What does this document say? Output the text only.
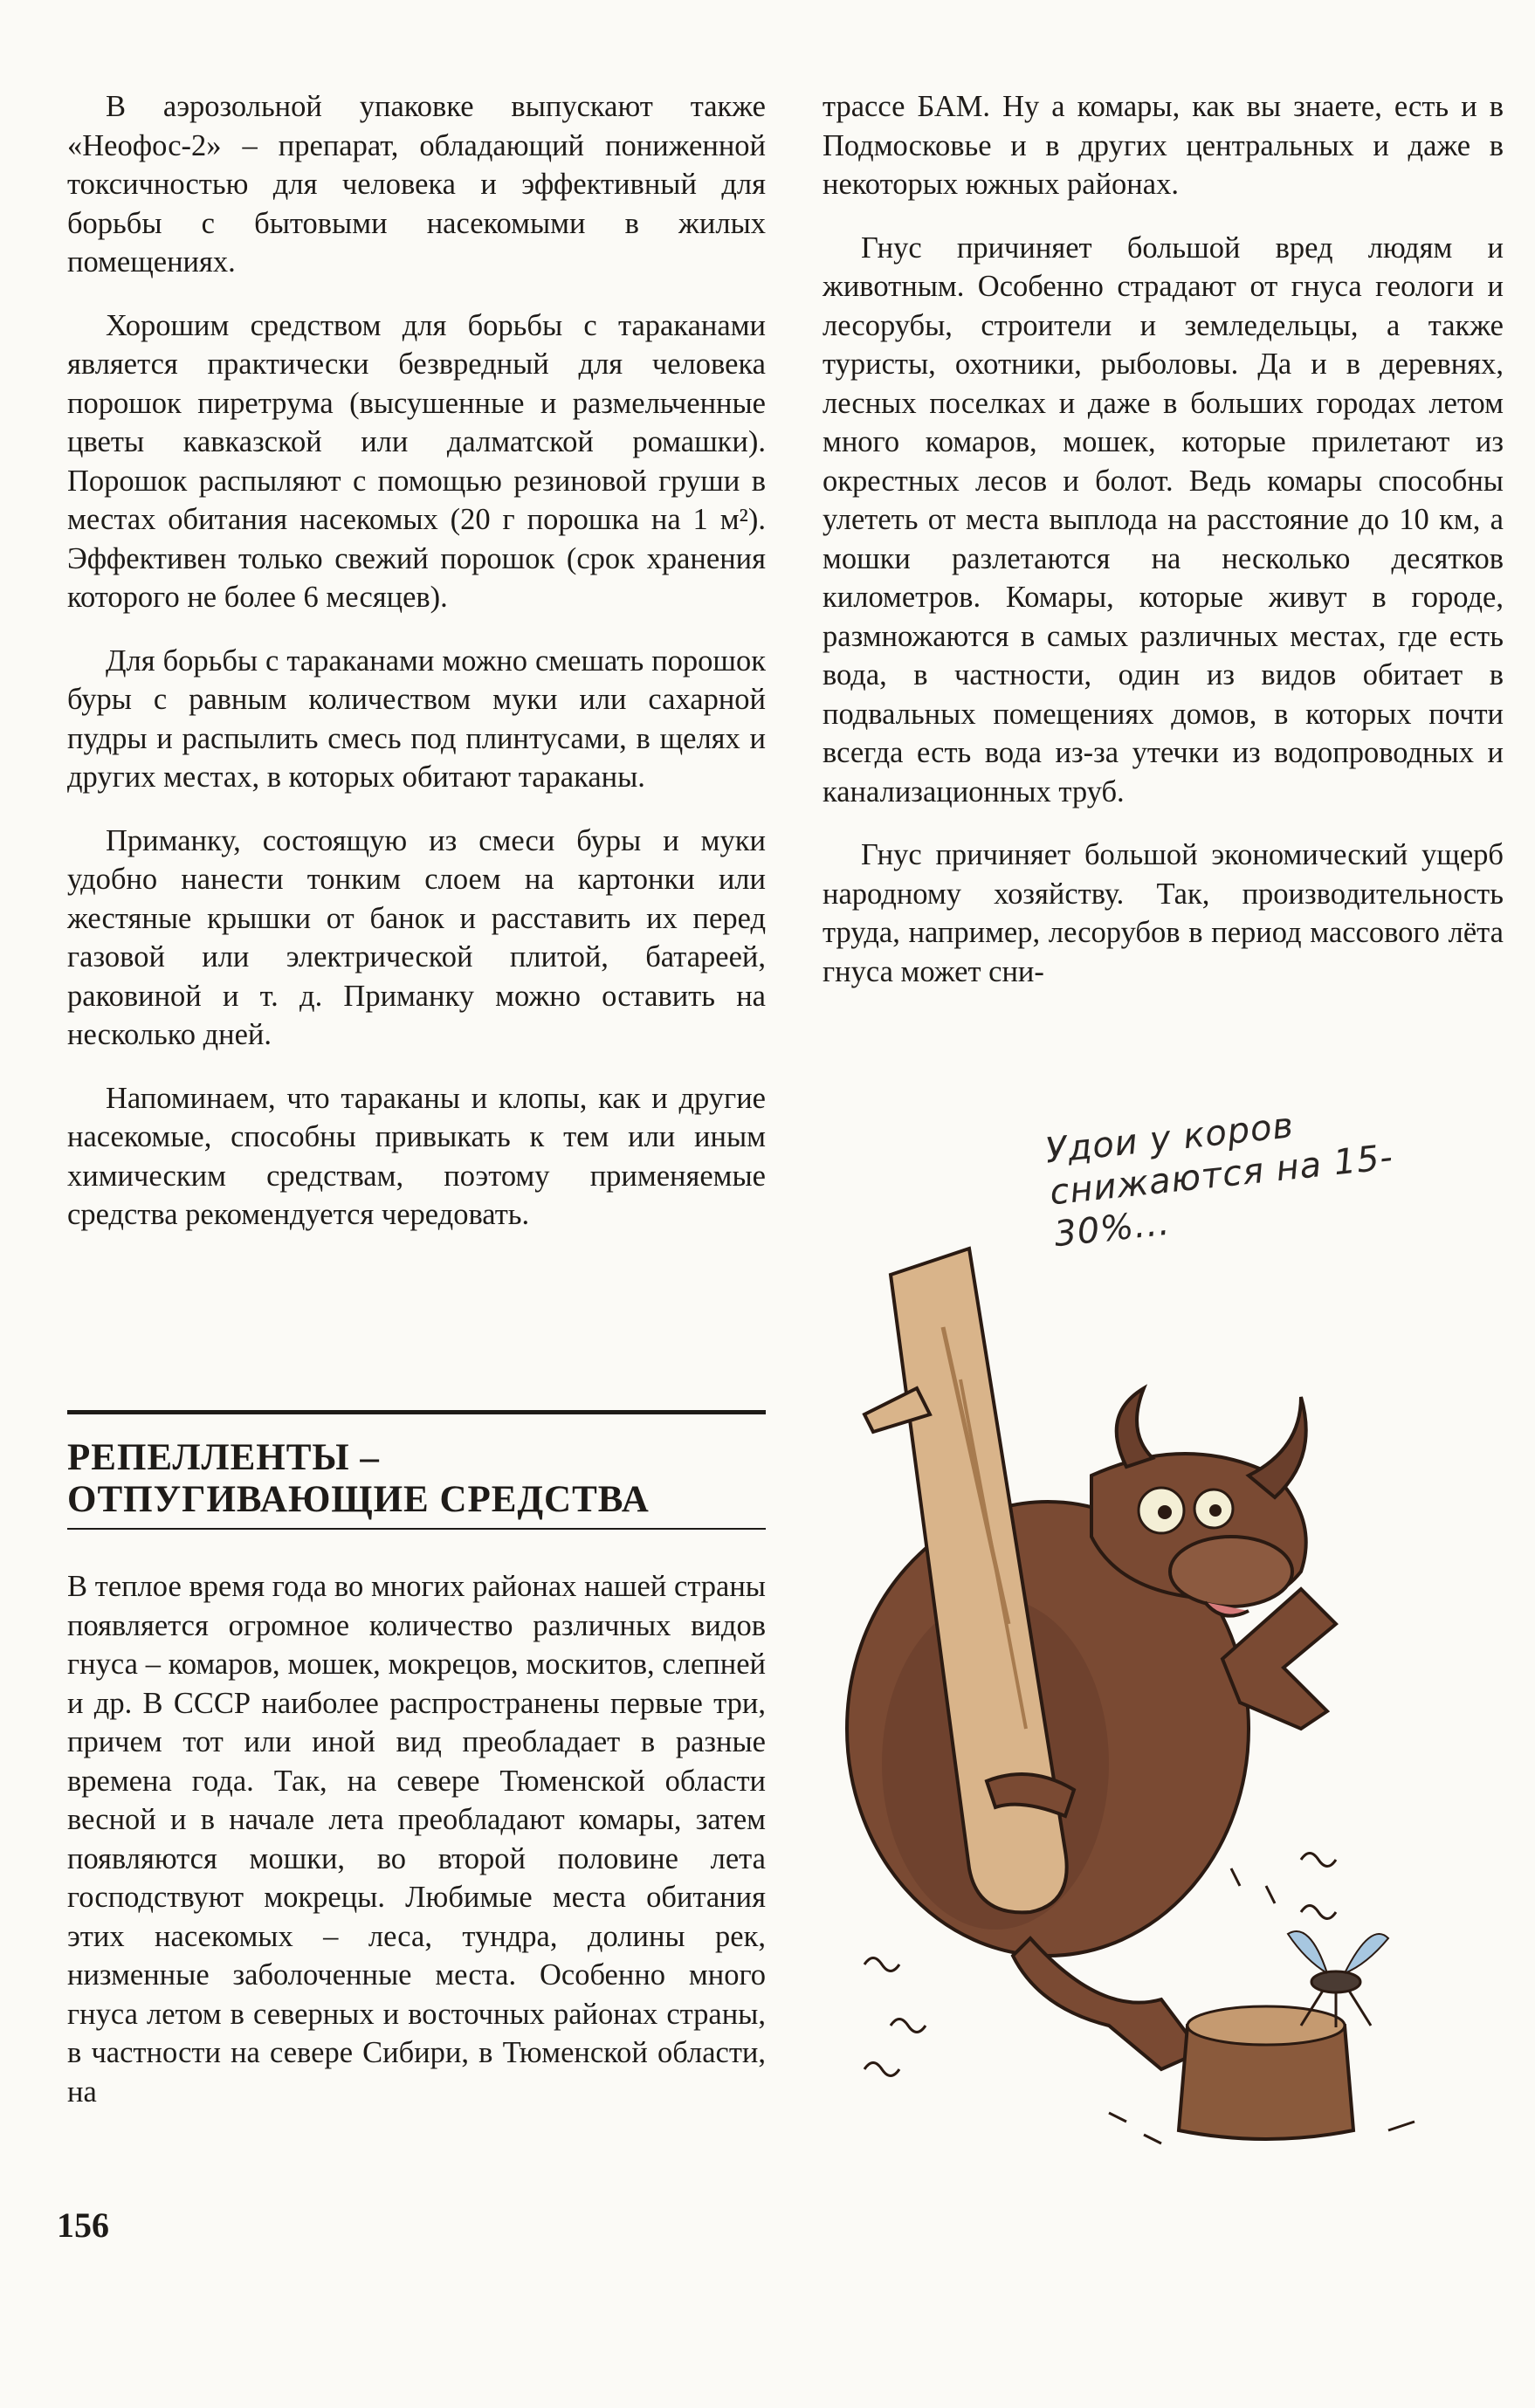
В аэрозольной упаковке выпускают также «Неофос-2» – препарат, обладающий пониженной токсичностью для человека и эффективный для борьбы с бытовыми насекомыми в жилых помещениях.

Хорошим средством для борьбы с тараканами является практически безвредный для человека порошок пиретрума (высушенные и размельченные цветы кавказской или далматской ромашки). Порошок распыляют с помощью резиновой груши в местах обитания насекомых (20 г порошка на 1 м²). Эффективен только свежий порошок (срок хранения которого не более 6 месяцев).

Для борьбы с тараканами можно смешать порошок буры с равным количеством муки или сахарной пудры и распылить смесь под плинтусами, в щелях и других местах, в которых обитают тараканы.

Приманку, состоящую из смеси буры и муки удобно нанести тонким слоем на картонки или жестяные крышки от банок и расставить их перед газовой или электрической плитой, батареей, раковиной и т. д. Приманку можно оставить на несколько дней.

Напоминаем, что тараканы и клопы, как и другие насекомые, способны привыкать к тем или иным химическим средствам, поэтому применяемые средства рекомендуется чередовать.

РЕПЕЛЛЕНТЫ –
ОТПУГИВАЮЩИЕ СРЕДСТВА

В теплое время года во многих районах нашей страны появляется огромное количество различных видов гнуса – комаров, мошек, мокрецов, москитов, слепней и др. В СССР наиболее распространены первые три, причем тот или иной вид преобладает в разные времена года. Так, на севере Тюменской области весной и в начале лета преобладают комары, затем появляются мошки, во второй половине лета господствуют мокрецы. Любимые места обитания этих насекомых – леса, тундра, долины рек, низменные заболоченные места. Особенно много гнуса летом в северных и восточных районах страны, в частности на севере Сибири, в Тюменской области, на

трассе БАМ. Ну а комары, как вы знаете, есть и в Подмосковье и в других центральных и даже в некоторых южных районах.

Гнус причиняет большой вред людям и животным. Особенно страдают от гнуса геологи и лесорубы, строители и земледельцы, а также туристы, охотники, рыболовы. Да и в деревнях, лесных поселках и даже в больших городах летом много комаров, мошек, которые прилетают из окрестных лесов и болот. Ведь комары способны улететь от места выплода на расстояние до 10 км, а мошки разлетаются на несколько десятков километров. Комары, которые живут в городе, размножаются в самых различных местах, где есть вода, в частности, один из видов обитает в подвальных помещениях домов, в которых почти всегда есть вода из-за утечки из водопроводных и канализационных труб.

Гнус причиняет большой экономический ущерб народному хозяйству. Так, производительность труда, например, лесорубов в период массового лёта гнуса может сни-

Удои у коров снижаются на 15-30%...
156
